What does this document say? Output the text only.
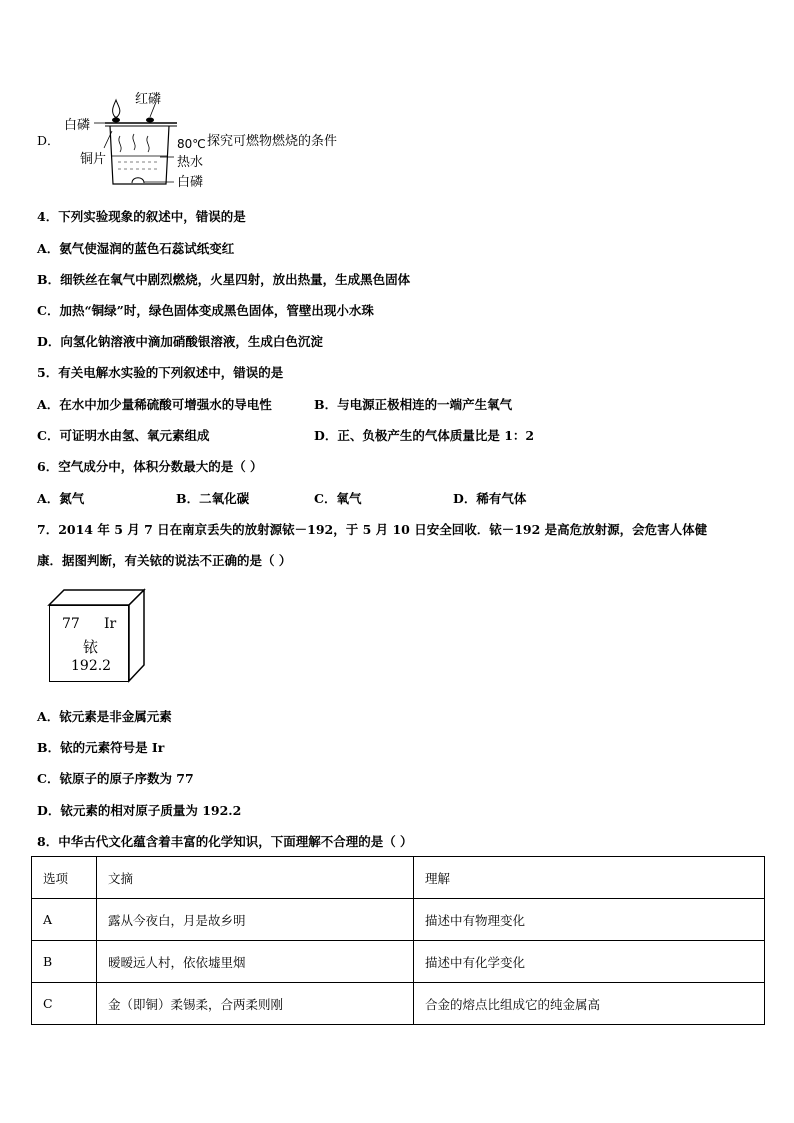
D．
红磷
白磷
铜片
80℃
热水
白磷
探究可燃物燃烧的条件
4．下列实验现象的叙述中，错误的是
A．氨气使湿润的蓝色石蕊试纸变红
B．细铁丝在氧气中剧烈燃烧，火星四射，放出热量，生成黑色固体
C．加热“铜绿”时，绿色固体变成黑色固体，管壁出现小水珠
D．向氢化钠溶液中滴加硝酸银溶液，生成白色沉淀
5．有关电解水实验的下列叙述中，错误的是
A．在水中加少量稀硫酸可增强水的导电性	B．与电源正极相连的一端产生氧气
C．可证明水由氢、氧元素组成	D．正、负极产生的气体质量比是 1：2
6．空气成分中，体积分数最大的是（ ）
A．氮气	B．二氧化碳	C．氧气	D．稀有气体
7．2014 年 5 月 7 日在南京丢失的放射源铱－192，于 5 月 10 日安全回收．铱－192 是高危放射源，会危害人体健
康．据图判断，有关铱的说法不正确的是（ ）
77 Ir
铱
192.2
A．铱元素是非金属元素
B．铱的元素符号是 Ir
C．铱原子的原子序数为 77
D．铱元素的相对原子质量为 192.2
8．中华古代文化蕴含着丰富的化学知识，下面理解不合理的是（ ）
选项	文摘	理解
A	露从今夜白，月是故乡明	描述中有物理变化
B	暧暧远人村，依依墟里烟	描述中有化学变化
C	金（即铜）柔锡柔，合两柔则刚	合金的熔点比组成它的纯金属高
